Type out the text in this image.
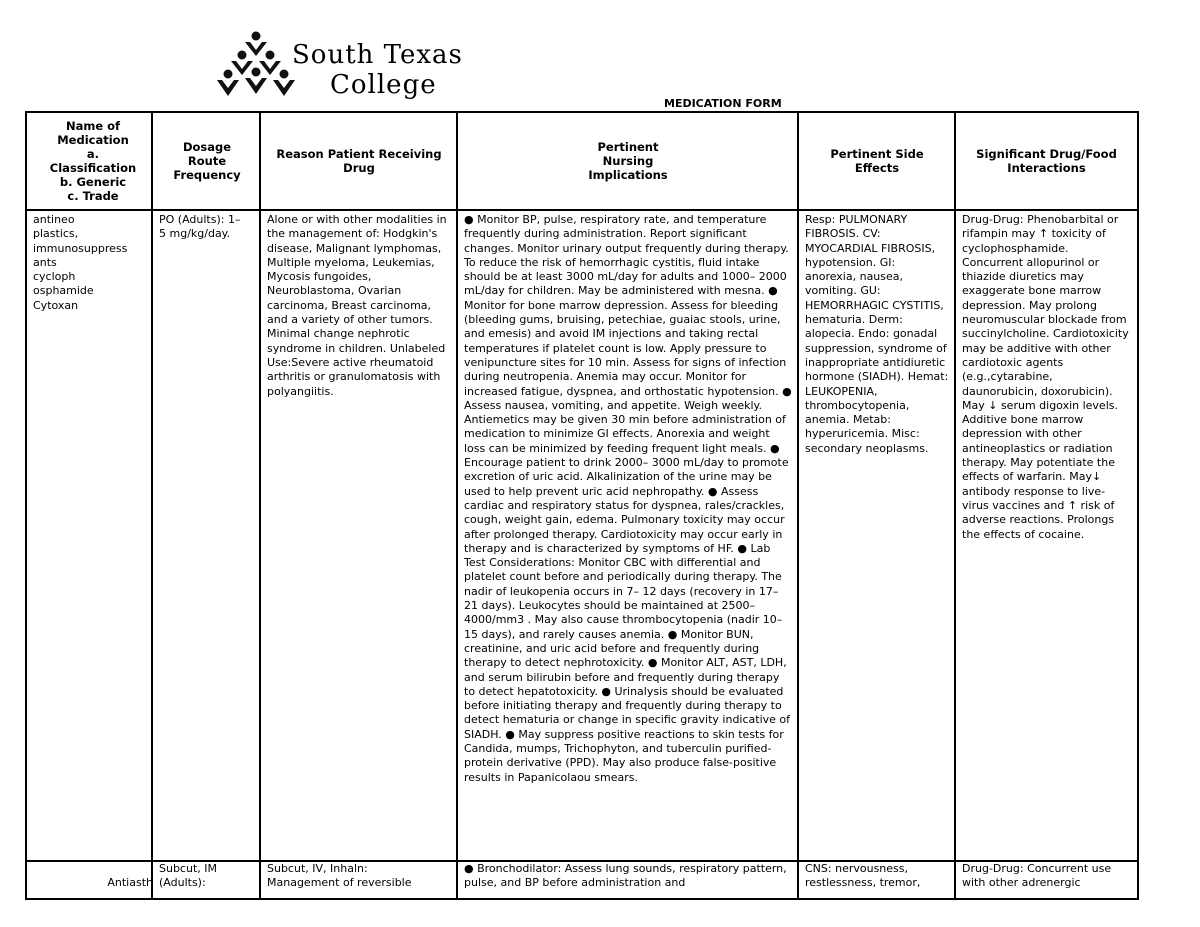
South Texas
College
MEDICATION FORM
Name of
Medication
a.
Classification
b. Generic
c. Trade
antineo
plastics,
immunosuppress
ants
cycloph
osphamide
Cytoxan

Antiasth
Dosage
Route
Frequency
PO (Adults): 1–
5 mg/kg/day.
Subcut, IM
(Adults):
Reason Patient Receiving
Drug
Alone or with other modalities in the management of: Hodgkin's disease, Malignant lymphomas, Multiple myeloma, Leukemias, Mycosis fungoides, Neuroblastoma, Ovarian carcinoma, Breast carcinoma, and a variety of other tumors. Minimal change nephrotic syndrome in children. Unlabeled Use:Severe active rheumatoid arthritis or granulomatosis with polyangiitis.
Subcut, IV, Inhaln:
Management of reversible
Pertinent
Nursing
Implications
● Monitor BP, pulse, respiratory rate, and temperature frequently during administration. Report significant changes. Monitor urinary output frequently during therapy. To reduce the risk of hemorrhagic cystitis, fluid intake should be at least 3000 mL/day for adults and 1000– 2000 mL/day for children. May be administered with mesna. ● Monitor for bone marrow depression. Assess for bleeding (bleeding gums, bruising, petechiae, guaiac stools, urine, and emesis) and avoid IM injections and taking rectal temperatures if platelet count is low. Apply pressure to venipuncture sites for 10 min. Assess for signs of infection during neutropenia. Anemia may occur. Monitor for increased fatigue, dyspnea, and orthostatic hypotension. ● Assess nausea, vomiting, and appetite. Weigh weekly. Antiemetics may be given 30 min before administration of medication to minimize GI effects. Anorexia and weight loss can be minimized by feeding frequent light meals. ● Encourage patient to drink 2000– 3000 mL/day to promote excretion of uric acid. Alkalinization of the urine may be used to help prevent uric acid nephropathy. ● Assess cardiac and respiratory status for dyspnea, rales/crackles, cough, weight gain, edema. Pulmonary toxicity may occur after prolonged therapy. Cardiotoxicity may occur early in therapy and is characterized by symptoms of HF. ● Lab Test Considerations: Monitor CBC with differential and platelet count before and periodically during therapy. The nadir of leukopenia occurs in 7– 12 days (recovery in 17– 21 days). Leukocytes should be maintained at 2500– 4000/mm3 . May also cause thrombocytopenia (nadir 10– 15 days), and rarely causes anemia. ● Monitor BUN, creatinine, and uric acid before and frequently during therapy to detect nephrotoxicity. ● Monitor ALT, AST, LDH, and serum bilirubin before and frequently during therapy to detect hepatotoxicity. ● Urinalysis should be evaluated before initiating therapy and frequently during therapy to detect hematuria or change in specific gravity indicative of SIADH. ● May suppress positive reactions to skin tests for Candida, mumps, Trichophyton, and tuberculin purified-protein derivative (PPD). May also produce false-positive results in Papanicolaou smears.
● Bronchodilator: Assess lung sounds, respiratory pattern, pulse, and BP before administration and
Pertinent Side
Effects
Resp: PULMONARY FIBROSIS. CV: MYOCARDIAL FIBROSIS, hypotension. GI: anorexia, nausea, vomiting. GU: HEMORRHAGIC CYSTITIS, hematuria. Derm: alopecia. Endo: gonadal suppression, syndrome of inappropriate antidiuretic hormone (SIADH). Hemat: LEUKOPENIA, thrombocytopenia, anemia. Metab: hyperuricemia. Misc: secondary neoplasms.
CNS: nervousness,
restlessness, tremor,
Significant Drug/Food
Interactions
Drug-Drug: Phenobarbital or rifampin may ↑ toxicity of cyclophosphamide. Concurrent allopurinol or thiazide diuretics may exaggerate bone marrow depression. May prolong neuromuscular blockade from succinylcholine. Cardiotoxicity may be additive with other cardiotoxic agents (e.g.,cytarabine, daunorubicin, doxorubicin). May ↓ serum digoxin levels. Additive bone marrow depression with other antineoplastics or radiation therapy. May potentiate the effects of warfarin. May↓ antibody response to live-virus vaccines and ↑ risk of adverse reactions. Prolongs the effects of cocaine.
Drug-Drug: Concurrent use
with other adrenergic
